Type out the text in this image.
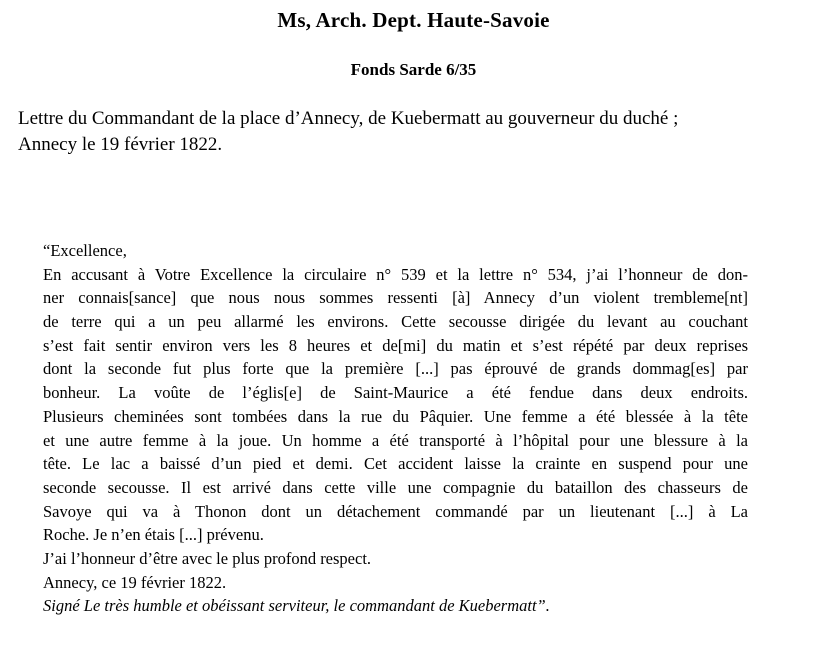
Ms, Arch. Dept. Haute-Savoie
Fonds Sarde 6/35
Lettre du Commandant de la place d’Annecy, de Kuebermatt au gouverneur du duché ;
Annecy le 19 février 1822.
“Excellence,
En accusant à Votre Excellence la circulaire n° 539 et la lettre n° 534, j’ai l’honneur de don-
ner connais[sance] que nous nous sommes ressenti [à] Annecy d’un violent trembleme[nt]
de terre qui a un peu allarmé les environs. Cette secousse dirigée du levant au couchant
s’est fait sentir environ vers les 8 heures et de[mi] du matin et s’est répété par deux reprises
dont la seconde fut plus forte que la première [...] pas éprouvé de grands dommag[es] par
bonheur. La voûte de l’églis[e] de Saint-Maurice a été fendue dans deux endroits.
Plusieurs cheminées sont tombées dans la rue du Pâquier. Une femme a été blessée à la tête
et une autre femme à la joue. Un homme a été transporté à l’hôpital pour une blessure à la
tête. Le lac a baissé d’un pied et demi. Cet accident laisse la crainte en suspend pour une
seconde secousse. Il est arrivé dans cette ville une compagnie du bataillon des chasseurs de
Savoye qui va à Thonon dont un détachement commandé par un lieutenant [...] à La
Roche. Je n’en étais [...] prévenu.
J’ai l’honneur d’être avec le plus profond respect.
Annecy, ce 19 février 1822.
Signé Le très humble et obéissant serviteur, le commandant de Kuebermatt”.
